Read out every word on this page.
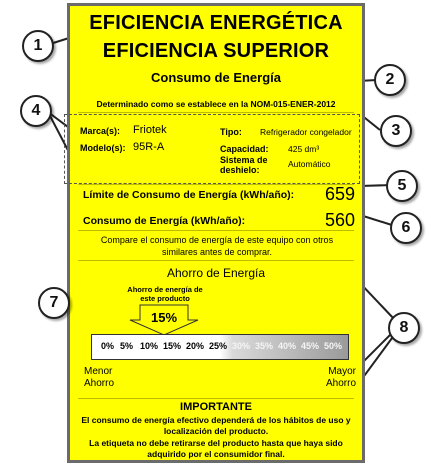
EFICIENCIA ENERGÉTICA
EFICIENCIA SUPERIOR
Consumo de Energía
Determinado como se establece en la NOM-015-ENER-2012
Marca(s): Friotek
Modelo(s): 95R-A
Tipo: Refrigerador congelador
Capacidad: 425 dm³
Sistema de deshielo:
Automático
Límite de Consumo de Energía (kWh/año): 659
Consumo de Energía (kWh/año):	560
Compare el consumo de energía de este equipo con otros similares antes de comprar.
Ahorro de Energía
Ahorro de energía de este producto
15%
0% 5% 10% 15% 20% 25% 30% 35% 40% 45% 50%
Menor Ahorro
Mayor Ahorro
IMPORTANTE
El consumo de energía efectivo dependerá de los hábitos de uso y localización del producto.
La etiqueta no debe retirarse del producto hasta que haya sido adquirido por el consumidor final.
1
2
3
4
5
6
7
8
